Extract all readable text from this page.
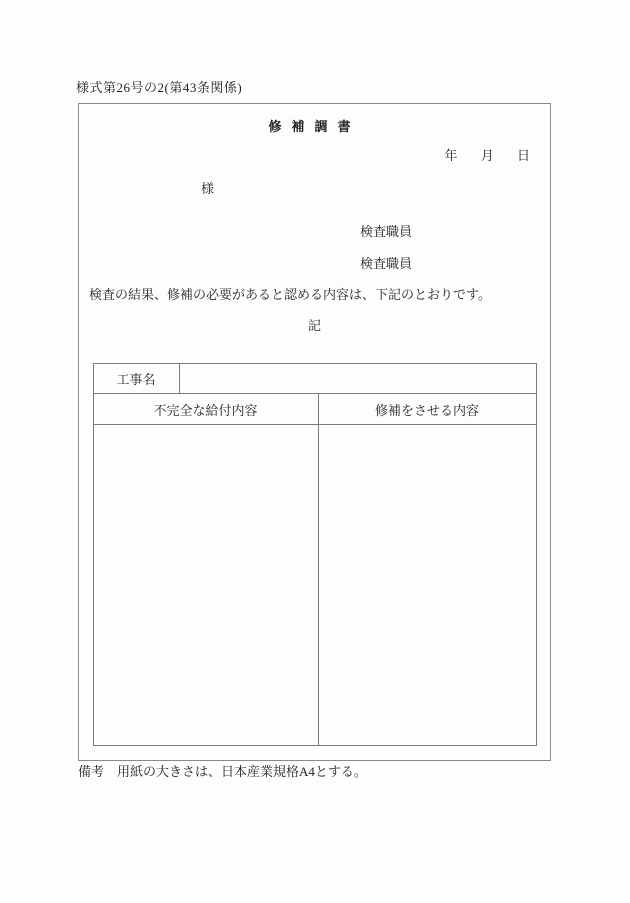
様式第26号の2(第43条関係)
修補調書
年 月 日
様
検査職員
検査職員
検査の結果、修補の必要があると認める内容は、下記のとおりです。
記
工事名		
不完全な給付内容		修補をさせる内容

備考　用紙の大きさは、日本産業規格A4とする。
